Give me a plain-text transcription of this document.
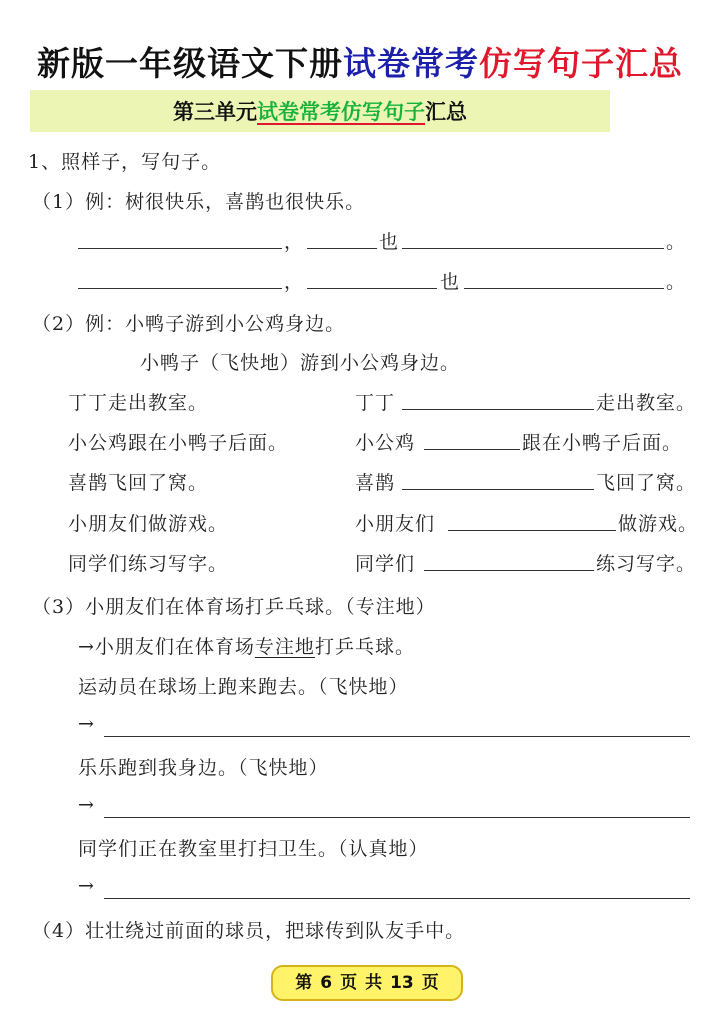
新版一年级语文下册试卷常考仿写句子汇总
第三单元试卷常考仿写句子汇总
1、照样子，写句子。
（1）例：树很快乐，喜鹊也很快乐。
，	也	。
，	也	。
（2）例：小鸭子游到小公鸡身边。
小鸭子（飞快地）游到小公鸡身边。
丁丁走出教室。	丁丁	走出教室。
小公鸡跟在小鸭子后面。	小公鸡	跟在小鸭子后面。
喜鹊飞回了窝。	喜鹊	飞回了窝。
小朋友们做游戏。	小朋友们	做游戏。
同学们练习写字。	同学们	练习写字。
（3）小朋友们在体育场打乒乓球。（专注地）
→小朋友们在体育场专注地打乒乓球。
运动员在球场上跑来跑去。（飞快地）
→
乐乐跑到我身边。（飞快地）
→
同学们正在教室里打扫卫生。（认真地）
→
（4）壮壮绕过前面的球员，把球传到队友手中。
第 6 页 共 13 页
